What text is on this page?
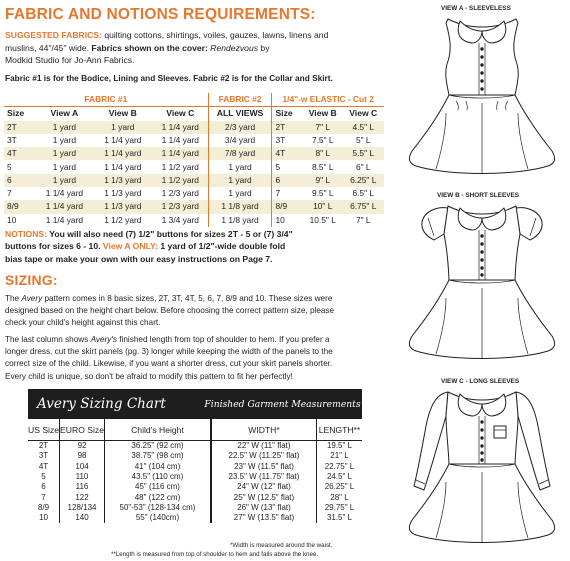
FABRIC AND NOTIONS REQUIREMENTS:
SUGGESTED FABRICS: quilting cottons, shirtings, voiles, gauzes, lawns, linens and
muslins, 44"/45" wide. Fabrics shown on the cover: Rendezvous by
Modkid Studio for Jo-Ann Fabrics.
Fabric #1 is for the Bodice, Lining and Sleeves. Fabric #2 is for the Collar and Skirt.
FABRIC #1				FABRIC #2	1/4"-w ELASTIC - Cut 2		
Size	View A	View B	View C	ALL VIEWS	Size	View B	View C
2T	1 yard	1 yard	1 1/4 yard	2/3 yard	2T	7" L	4.5" L
3T	1 yard	1 1/4 yard	1 1/4 yard	3/4 yard	3T	7.5" L	5" L
4T	1 yard	1 1/4 yard	1 1/4 yard	7/8 yard	4T	8" L	5.5" L
5	1 yard	1 1/4 yard	1 1/2 yard	1 yard	5	8.5" L	6" L
6	1 yard	1 1/3 yard	1 1/2 yard	1 yard	6	9" L	6.25" L
7	1 1/4 yard	1 1/3 yard	1 2/3 yard	1 yard	7	9.5" L	6.5" L
8/9	1 1/4 yard	1 1/3 yard	1 2/3 yard	1 1/8 yard	8/9	10" L	6.75" L
10	1 1/4 yard	1 1/2 yard	1 3/4 yard	1 1/8 yard	10	10.5" L	7" L
NOTIONS: You will also need (7) 1/2" buttons for sizes 2T - 5 or (7) 3/4"
buttons for sizes 6 - 10. View A ONLY: 1 yard of 1/2"-wide double fold
bias tape or make your own with our easy instructions on Page 7.
SIZING:
The Avery pattern comes in 8 basic sizes, 2T, 3T, 4T, 5, 6, 7, 8/9 and 10. These sizes were
designed based on the height chart below. Before choosing the correct pattern size, please
check your child's height against this chart.
The last column shows Avery's finished length from top of shoulder to hem. If you prefer a
longer dress, cut the skirt panels (pg. 3) longer while keeping the width of the panels to the
correct size of the child. Likewise, if you want a shorter dress, cut your skirt panels shorter.
Every child is unique, so don't be afraid to modify this pattern to fit her perfectly!
Avery Sizing Chart	Finished Garment Measurements
US Size	EURO Size	Child's Height	WIDTH*	LENGTH**
2T	92	36.25" (92 cm)	22" W (11" flat)	19.5" L
3T	98	38.75" (98 cm)	22.5" W (11.25" flat)	21" L
4T	104	41" (104 cm)	23" W (11.5" flat)	22.75" L
5	110	43.5" (110 cm)	23.5" W (11.75" flat)	24.5" L
6	116	45" (116 cm)	24" W (12" flat)	26.25" L
7	122	48" (122 cm)	25" W (12.5" flat)	28" L
8/9	128/134	50"-53" (128-134 cm)	26" W (13" flat)	29.75" L
10	140	55" (140cm)	27" W (13.5" flat)	31.5" L
*Width is measured around the waist.
**Length is measured from top of shoulder to hem and falls above the knee.
VIEW A - SLEEVELESS
VIEW B - SHORT SLEEVES
VIEW C - LONG SLEEVES
